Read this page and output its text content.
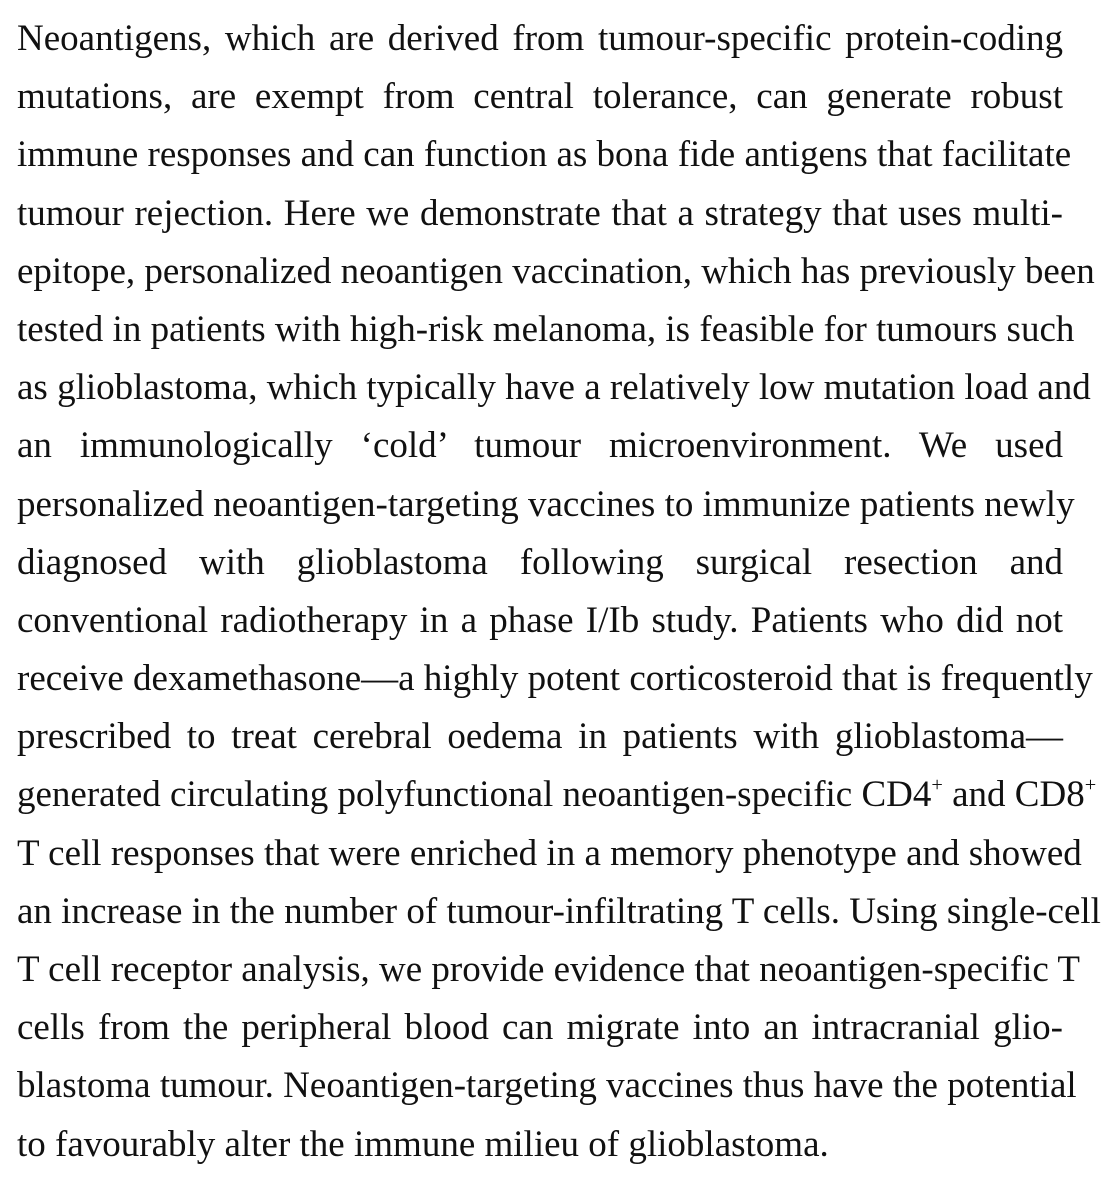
Neoantigens, which are derived from tumour-specific protein-coding
mutations, are exempt from central tolerance, can generate robust
immune responses and can function as bona fide antigens that facilitate
tumour rejection. Here we demonstrate that a strategy that uses multi-
epitope, personalized neoantigen vaccination, which has previously been
tested in patients with high-risk melanoma, is feasible for tumours such
as glioblastoma, which typically have a relatively low mutation load and
an immunologically ‘cold’ tumour microenvironment. We used
personalized neoantigen-targeting vaccines to immunize patients newly
diagnosed with glioblastoma following surgical resection and
conventional radiotherapy in a phase I/Ib study. Patients who did not
receive dexamethasone—a highly potent corticosteroid that is frequently
prescribed to treat cerebral oedema in patients with glioblastoma—
generated circulating polyfunctional neoantigen-specific CD4+ and CD8+
T cell responses that were enriched in a memory phenotype and showed
an increase in the number of tumour-infiltrating T cells. Using single-cell
T cell receptor analysis, we provide evidence that neoantigen-specific T
cells from the peripheral blood can migrate into an intracranial glio-
blastoma tumour. Neoantigen-targeting vaccines thus have the potential
to favourably alter the immune milieu of glioblastoma.
